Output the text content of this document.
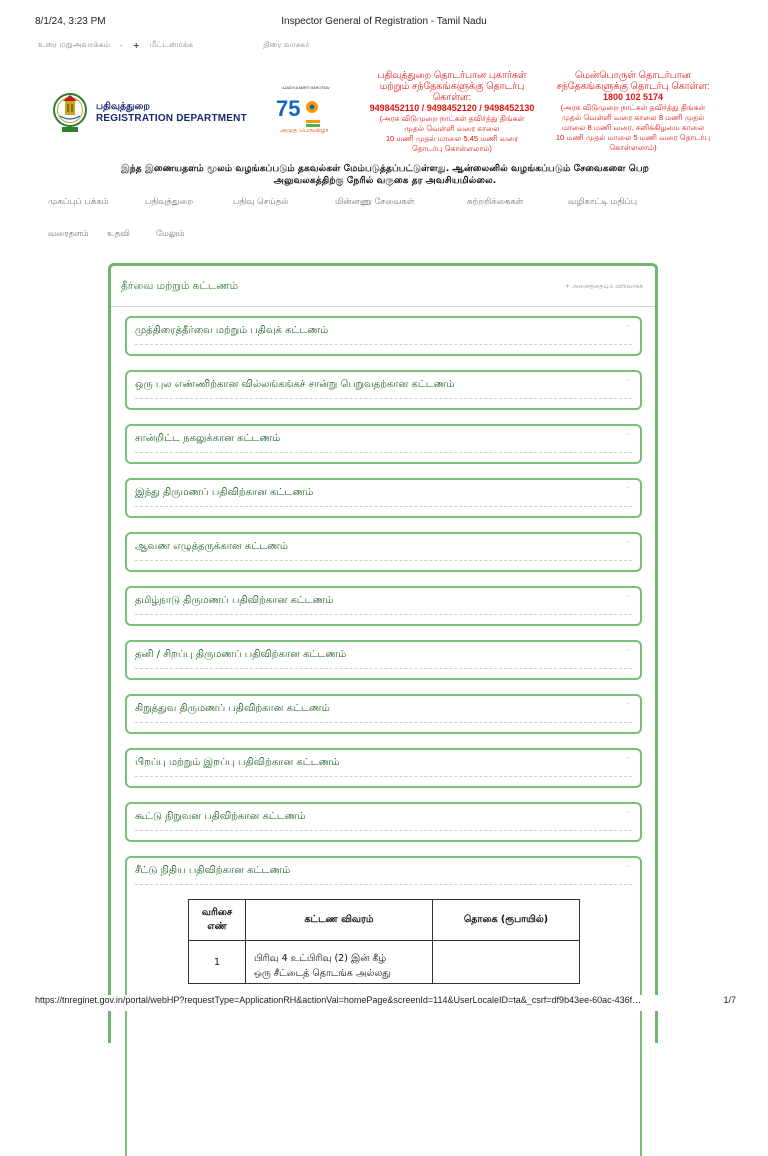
8/1/24, 3:23 PM	Inspector General of Registration - Tamil Nadu
உரை மறுஅவாக்கம் - + மீட்டமைக்க	திரை வாசகர்
பதிவுத்துறை
REGISTRATION DEPARTMENT
AZADI KA AMRIT MAHOTSAV
75
அமுத பெருவிழா
பதிவுத்துறை தொடர்பான புகார்கள்
மற்றும் சந்தேகங்களுக்கு தொடர்பு
கொள்ள:
9498452110 / 9498452120 / 9498452130
(அரசு விடுமுறை நாட்கள் தவிர்த்து திங்கள்
முதல் வெள்ளி வரை காலை
10 மணி முதல் மாலை 5.45 மணி வரை
தொடர்பு கொள்ளலாம்)
மென்பொருள் தொடர்பான
சந்தேகங்களுக்கு தொடர்பு கொள்ள:
1800 102 5174
(அரசு விடுமுறை நாட்கள் தவிர்த்து திங்கள்
முதல் வெள்ளி வரை காலை 8 மணி முதல்
மாலை 8 மணி வரை, சனிக்கிழமை காலை
10 மணி முதல் மாலை 5 மணி வரை தொடர்பு
கொள்ளலாம்)
இந்த இணையதளம் மூலம் வழங்கப்படும் தகவல்கள் மேம்படுத்தப்பட்டுள்ளது. ஆன்லைனில் வழங்கப்படும் சேவைகளை பெற
அலுவலகத்திற்கு நேரில் வருகை தர அவசியமில்லை.
முகப்புப் பக்கம்	பதிவுத்துறை	பதிவு செய்தல்	மின்னணு சேவைகள்	சுற்றறிக்கைகள்	வழிகாட்டி மதிப்பு
வரைதளம் உதவி	மேலும்
தீர்வை மற்றும் கட்டணம்	+ அனைத்தையும் விரிவாக்க
முத்திரைத்தீர்வை மற்றும் பதிவுக் கட்டணம்	˄
ஒரு புல எண்ணிற்கான வில்லங்கங்கச் சான்று பெறுவதற்கான கட்டணம்	˄
சான்றிட்ட நகலுக்கான கட்டணம்	˄
இந்து திருமணப் பதிவிற்கான கட்டணம்	˄
ஆவண எழுத்தருக்கான கட்டணம்	˄
தமிழ்நாடு திருமணப் பதிவிற்கான கட்டணம்	˄
தனி / சிறப்பு திருமணப் பதிவிற்கான கட்டணம்	˄
கிறுத்துவ திருமணப் பதிவிற்கான கட்டணம்	˄
பிறப்பு மற்றும் இறப்பு பதிவிற்கான கட்டணம்	˄
கூட்டு நிறுவன பதிவிற்கான கட்டணம்	˄
சீட்டு நிதிய பதிவிற்கான கட்டணம்	˄
வரிசை எண்	கட்டண விவரம்	தொகை (ரூபாயில்)
1	பிரிவு 4 உட்பிரிவு (2) இன் கீழ்
ஒரு சீட்டைத் தொடங்க அல்லது	

https://tnreginet.gov.in/portal/webHP?requestType=ApplicationRH&actionVal=homePage&screenId=114&UserLocaleID=ta&_csrf=df9b43ee-60ac-436f…	1/7
